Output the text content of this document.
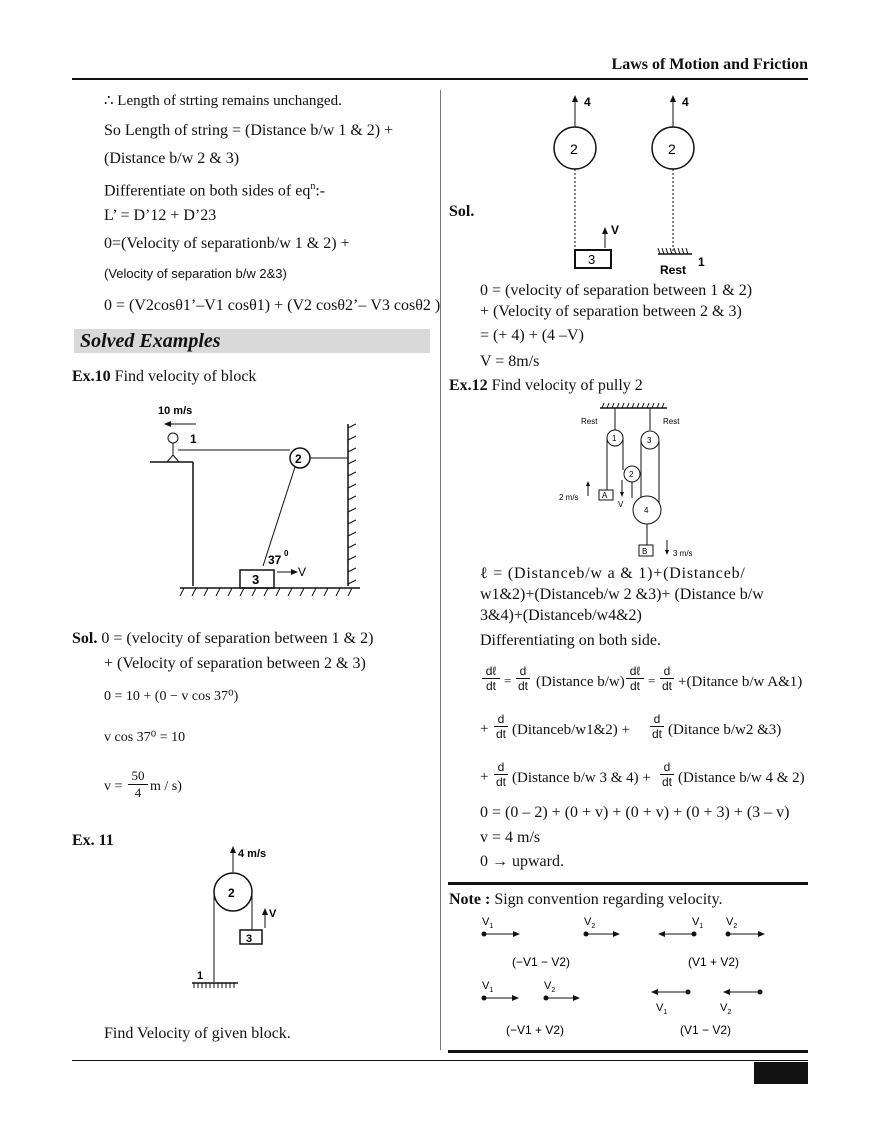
Laws of Motion and Friction
∴ Length of strting remains unchanged.
So Length of string = (Distance b/w 1 & 2) +
(Distance b/w 2 & 3)
Differentiate on both sides of $eq^n:-$
L’ = D’12 + D’23
0=(Velocity of separationb/w 1 & 2) +
(Velocity of separation b/w 2&3)
0 = (V2cosθ1’–V1 cosθ1) + (V2 cosθ2’– V3 cosθ2 )
Solved Examples
Ex.10 Find velocity of block
10 m/s
1
2
3
37 0
V
Sol. 0 = (velocity of separation between 1 & 2)
+ (Velocity of separation between 2 & 3)
0 = 10 + (0 − v cos 37⁰)
v cos 37⁰ = 10
v =
50
4 m / s)
Ex. 11
4 m/s
2
3
V
1
Find Velocity of given block.
Sol.
4	4
2	2
3
V
Rest
1
0 = (velocity of separation between 1 & 2)
+ (Velocity of separation between 2 & 3)
= (+ 4) + (4 –V)
V = 8m/s
Ex.12 Find velocity of pully 2
Rest	Rest
1	3
2
4
A
B
2 m/s
V
3 m/s
ℓ = (Distanceb/w a & 1)+(Distanceb/
w1&2)+(Distanceb/w 2 &3)+ (Distance b/w
3&4)+(Distanceb/w4&2)
Differentiating on both side.
dℓ

dt =
d

dt (Distance b/w)
dℓ

dt =
d

dt +(Ditance b/w A&1)
+
d

dt (Ditanceb/w1&2) +
d

dt (Ditance b/w2 &3)
+
d

dt (Distance b/w 3 & 4) +
d

dt (Distance b/w 4 & 2)
0 = (0 – 2) + (0 + v) + (0 + v) + (0 + 3) + (3 – v)
v = 4 m/s
0 → upward.
Note : Sign convention regarding velocity.
$V_1$	$V_2$
(−V1 − V2)
$V_1$ $V_2$
(V1 + V2)
$V_1$	$V_2$
(−V1 + V2)
$V_1$	$V_2$
(V1 − V2)
